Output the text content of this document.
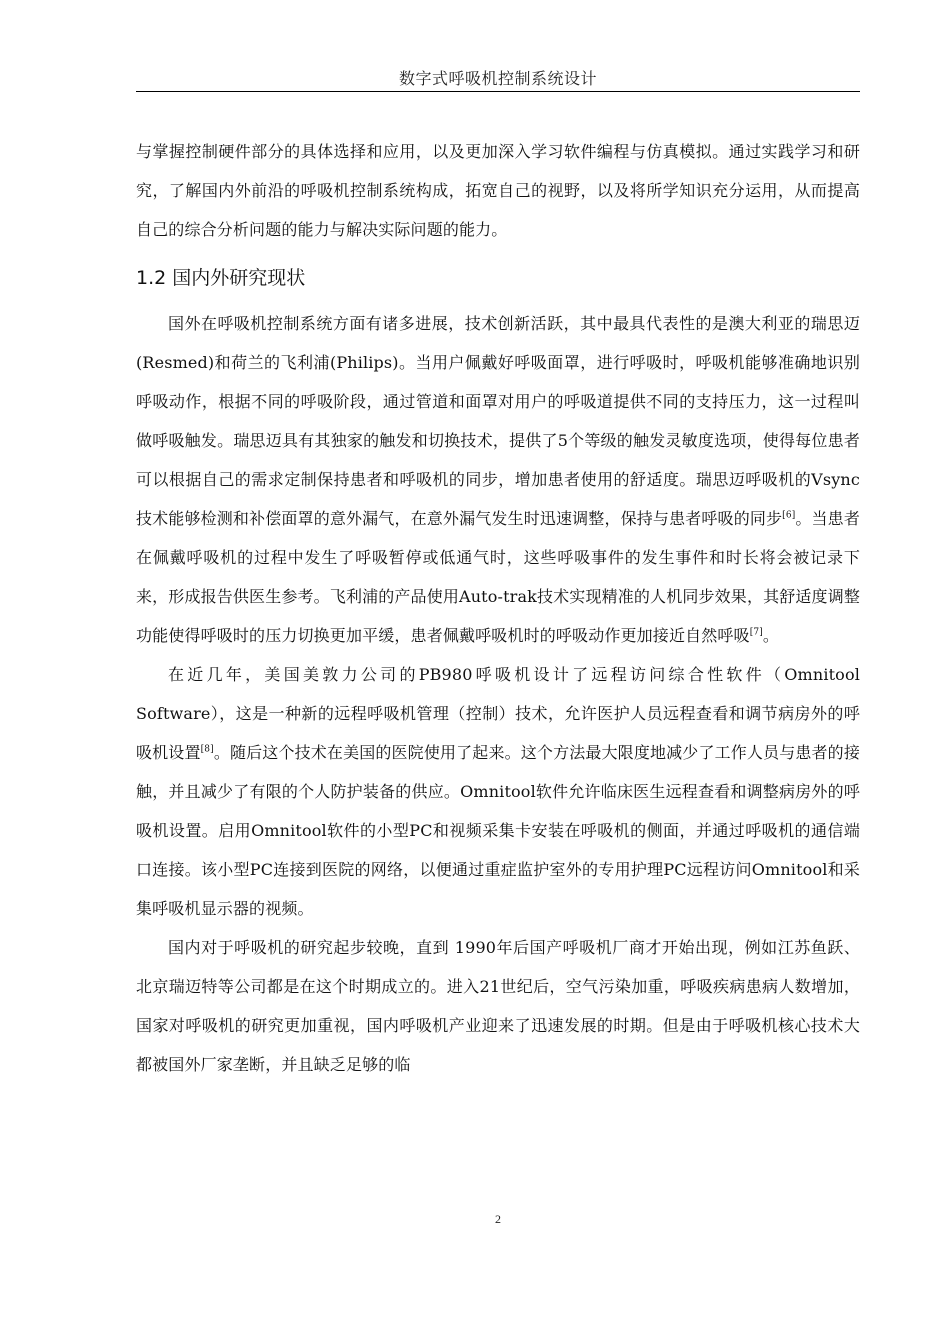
数字式呼吸机控制系统设计

与掌握控制硬件部分的具体选择和应用，以及更加深入学习软件编程与仿真模拟。通过实践学习和研究，了解国内外前沿的呼吸机控制系统构成，拓宽自己的视野，以及将所学知识充分运用，从而提高自己的综合分析问题的能力与解决实际问题的能力。

1.2 国内外研究现状

国外在呼吸机控制系统方面有诸多进展，技术创新活跃，其中最具代表性的是澳大利亚的瑞思迈(Resmed)和荷兰的飞利浦(Philips)。当用户佩戴好呼吸面罩，进行呼吸时，呼吸机能够准确地识别呼吸动作，根据不同的呼吸阶段，通过管道和面罩对用户的呼吸道提供不同的支持压力，这一过程叫做呼吸触发。瑞思迈具有其独家的触发和切换技术，提供了5个等级的触发灵敏度选项，使得每位患者可以根据自己的需求定制保持患者和呼吸机的同步，增加患者使用的舒适度。瑞思迈呼吸机的Vsync技术能够检测和补偿面罩的意外漏气，在意外漏气发生时迅速调整，保持与患者呼吸的同步[6]。当患者在佩戴呼吸机的过程中发生了呼吸暂停或低通气时，这些呼吸事件的发生事件和时长将会被记录下来，形成报告供医生参考。飞利浦的产品使用Auto-trak技术实现精准的人机同步效果，其舒适度调整功能使得呼吸时的压力切换更加平缓，患者佩戴呼吸机时的呼吸动作更加接近自然呼吸[7]。

在近几年，美国美敦力公司的PB980呼吸机设计了远程访问综合性软件（Omnitool Software），这是一种新的远程呼吸机管理（控制）技术，允许医护人员远程查看和调节病房外的呼吸机设置[8]。随后这个技术在美国的医院使用了起来。这个方法最大限度地减少了工作人员与患者的接触，并且减少了有限的个人防护装备的供应。Omnitool软件允许临床医生远程查看和调整病房外的呼吸机设置。启用Omnitool软件的小型PC和视频采集卡安装在呼吸机的侧面，并通过呼吸机的通信端口连接。该小型PC连接到医院的网络，以便通过重症监护室外的专用护理PC远程访问Omnitool和采集呼吸机显示器的视频。

国内对于呼吸机的研究起步较晚，直到 1990年后国产呼吸机厂商才开始出现，例如江苏鱼跃、北京瑞迈特等公司都是在这个时期成立的。进入21世纪后，空气污染加重，呼吸疾病患病人数增加，国家对呼吸机的研究更加重视，国内呼吸机产业迎来了迅速发展的时期。但是由于呼吸机核心技术大都被国外厂家垄断，并且缺乏足够的临

2
